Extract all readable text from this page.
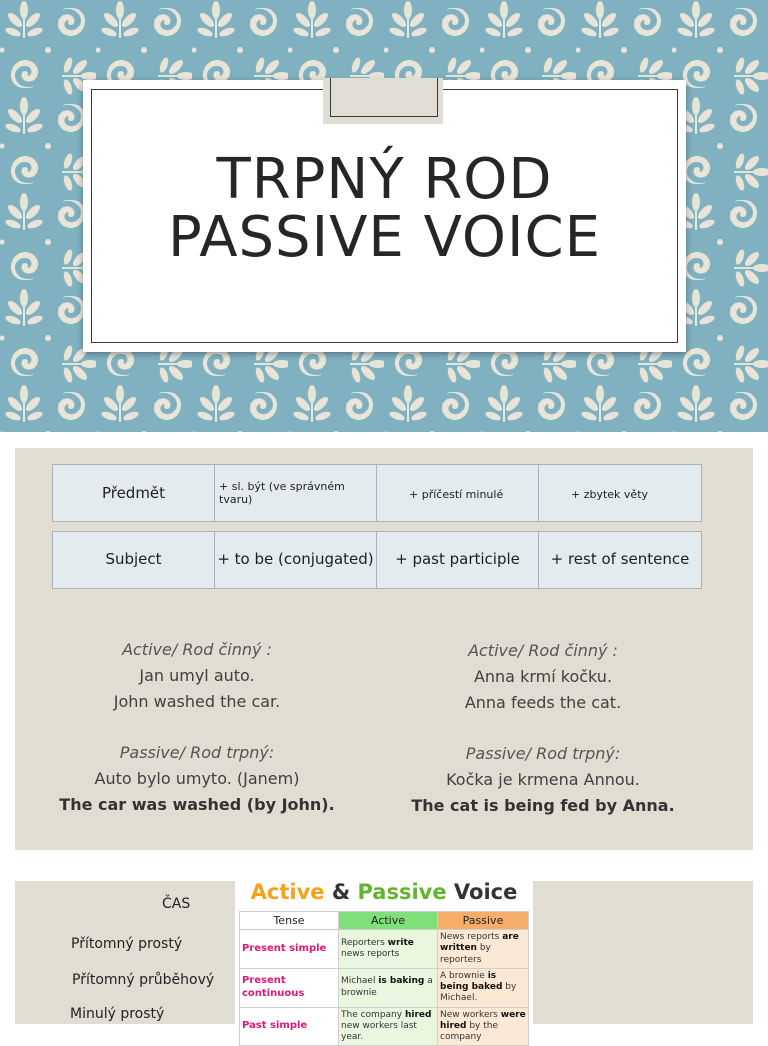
TRPNÝ ROD
PASSIVE VOICE
Předmět	+ sl. být (ve správném tvaru)	+ příčestí minulé	+ zbytek věty
Subject	+ to be (conjugated)	+ past participle	+ rest of sentence
Active/ Rod činný :
Jan umyl auto.
John washed the car.
Passive/ Rod trpný:
Auto bylo umyto. (Janem)
The car was washed (by John).
Active/ Rod činný :
Anna krmí kočku.
Anna feeds the cat.
Passive/ Rod trpný:
Kočka je krmena Annou.
The cat is being fed by Anna.
ČAS
Přítomný prostý
Přítomný průběhový
Minulý prostý
Active & Passive Voice
Tense	Active	Passive
Present simple	Reporters write news reports	News reports are written by reporters
Present continuous	Michael is baking a brownie	A brownie is being baked by Michael.
Past simple	The company hired new workers last year.	New workers were hired by the company
